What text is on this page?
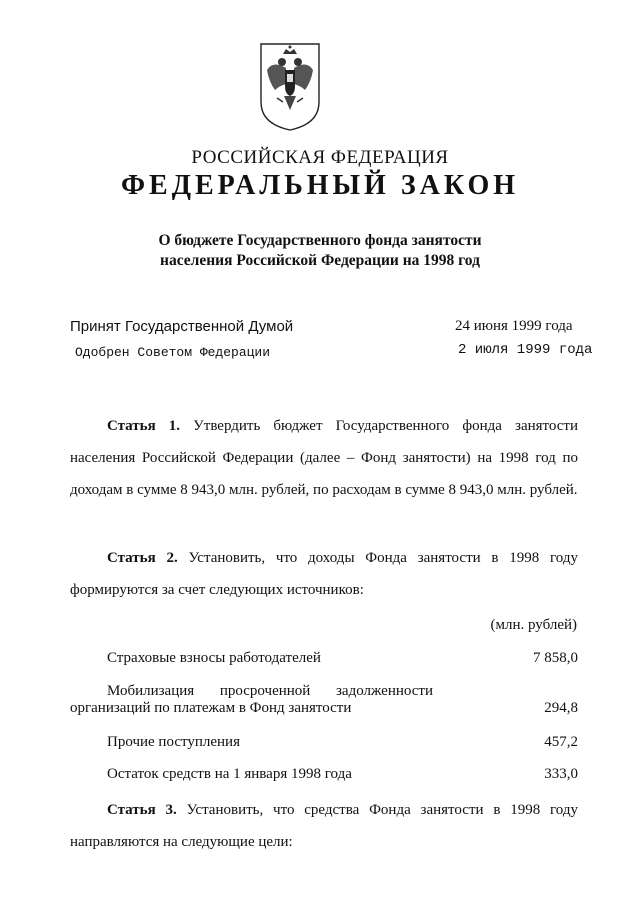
РОССИЙСКАЯ ФЕДЕРАЦИЯ
ФЕДЕРАЛЬНЫЙ ЗАКОН
О бюджете Государственного фонда занятости
населения Российской Федерации на 1998 год
Принят Государственной Думой	24 июня 1999 года
Одобрен Советом Федерации	2 июля 1999 года
Статья 1. Утвердить бюджет Государственного фонда занятости населения Российской Федерации (далее – Фонд занятости) на 1998 год по доходам в сумме 8 943,0 млн. рублей, по расходам в сумме 8 943,0 млн. рублей.
Статья 2. Установить, что доходы Фонда занятости в 1998 году формируются за счет следующих источников:
(млн. рублей)
Страховые взносы работодателей	7 858,0
Мобилизация просроченной задолженности
организаций по платежам в Фонд занятости	294,8
Прочие поступления	457,2
Остаток средств на 1 января 1998 года	333,0
Статья 3. Установить, что средства Фонда занятости в 1998 году направляются на следующие цели:
